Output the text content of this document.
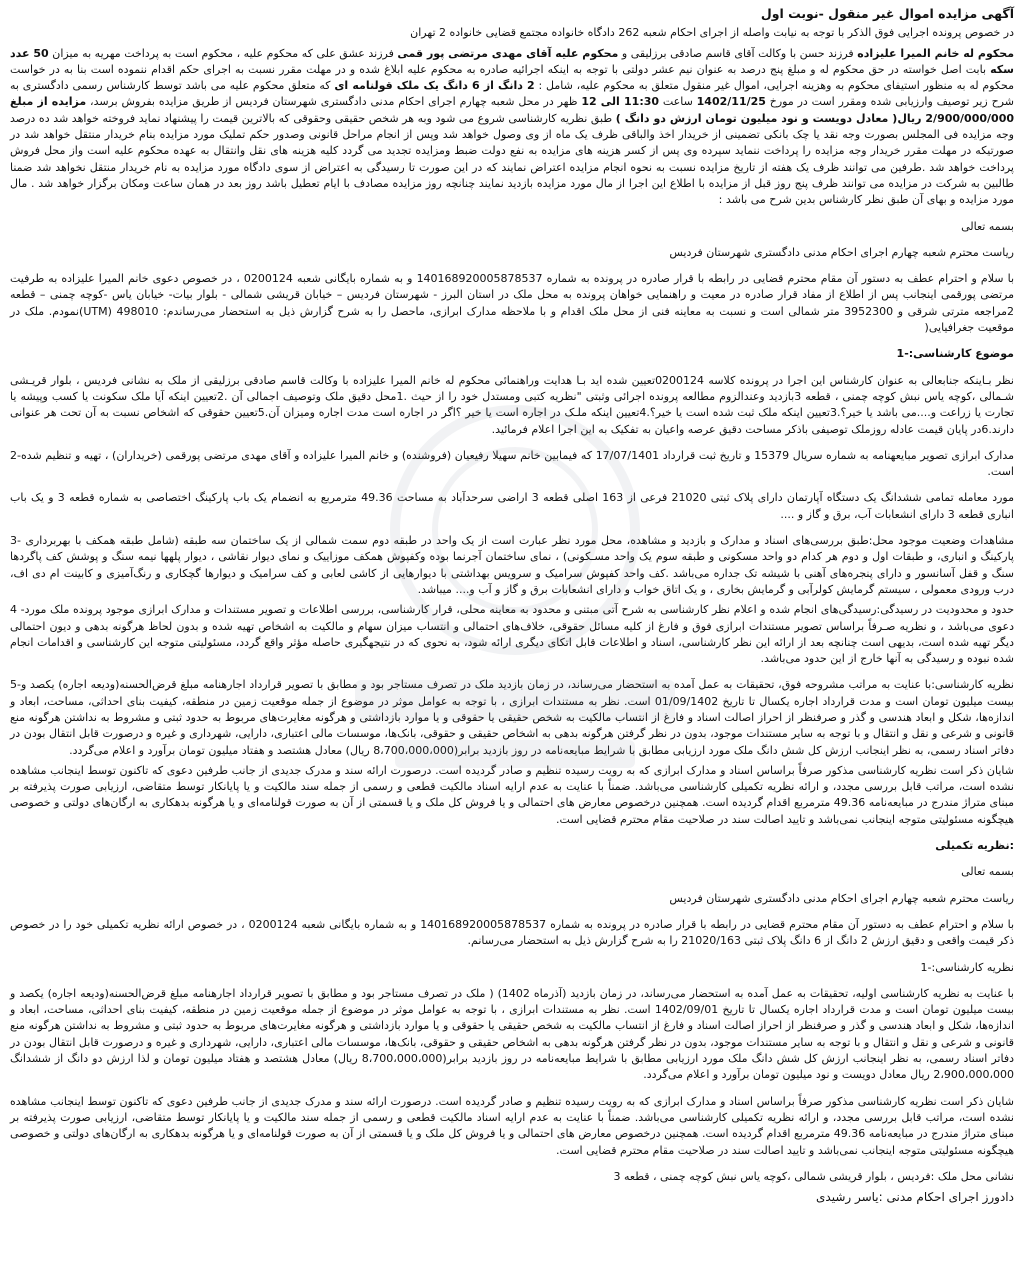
آگهی مزایده اموال غیر منقول -نوبت اول

در خصوص پرونده اجرایی فوق الذکر با توجه به نیابت واصله از اجرای احکام شعبه 262 دادگاه خانواده مجتمع قضایی خانواده 2 تهران

محکوم له خانم المیرا علیزاده فرزند حسن با وکالت آقای قاسم صادقی برزلیقی و محکوم علیه آقای مهدی مرتضی پور قمی فرزند عشق علی که محکوم علیه ، محکوم است به پرداخت مهریه به میزان 50 عدد سکه بابت اصل خواسته در حق محکوم له و مبلغ پنج درصد به عنوان نیم عشر دولتی با توجه به اینکه اجرائیه صادره به محکوم علیه ابلاغ شده و در مهلت مقرر نسبت به اجرای حکم اقدام ننموده است بنا به در خواست محکوم له به منظور استیفای محکوم به وهزینه اجرایی، اموال غیر منقول متعلق به محکوم علیه، شامل : 2 دانگ از 6 دانگ یک ملک قولنامه ای که متعلق محکوم علیه می باشد توسط کارشناس رسمی دادگستری به شرح زیر توصیف وارزیابی شده ومقرر است در مورخ 1402/11/25 ساعت 11:30 الی 12 ظهر در محل شعبه چهارم اجرای احکام مدنی دادگستری شهرستان فردیس از طریق مزایده بفروش برسد، مزایده از مبلغ 2/900/000/000 ریال( معادل دویست و نود میلیون تومان ارزش دو دانگ ) طبق نظریه کارشناسی شروع می شود وبه هر شخص حقیقی وحقوقی که بالاترین قیمت را پیشنهاد نماید فروخته خواهد شد ده درصد وجه مزایده فی المجلس بصورت وجه نقد یا چک بانکی تضمینی از خریدار اخذ والباقی ظرف یک ماه از وی وصول خواهد شد وپس از انجام مراحل قانونی وصدور حکم تملیک مورد مزایده بنام خریدار منتقل خواهد شد در صورتیکه در مهلت مقرر خریدار وجه مزایده را پرداخت ننماید سپرده وی پس از کسر هزینه های مزایده به نفع دولت ضبط ومزایده تجدید می گردد کلیه هزینه های نقل وانتقال به عهده محکوم علیه است واز محل فروش پرداخت خواهد شد .طرفین می توانند ظرف یک هفته از تاریخ مزایده نسبت به نحوه انجام مزایده اعتراض نمایند که در این صورت تا رسیدگی به اعتراض از سوی دادگاه مورد مزایده به نام خریدار منتقل نخواهد شد ضمنا طالبین به شرکت در مزایده می توانند ظرف پنج روز قبل از مزایده با اطلاع این اجرا از مال مورد مزایده بازدید نمایند چنانچه روز مزایده مصادف با ایام تعطیل باشد روز بعد در همان ساعت ومکان برگزار خواهد شد . مال مورد مزایده و بهای آن طبق نظر کارشناس بدین شرح می باشد :

بسمه تعالی

ریاست محترم شعبه چهارم اجرای احکام مدنی دادگستری شهرستان فردیس

با سلام و احترام عطف به دستور آن مقام محترم قضایی در رابطه با قرار صادره در پرونده به شماره 140168920005878537 و به شماره بایگانی شعبه 0200124 ، در خصوص دعوی خانم المیرا علیزاده به طرفیت مرتضی پورقمی اینجانب پس از اطلاع از مفاد قرار صادره در معیت و راهنمایی خواهان پرونده به محل ملک در استان البرز - شهرستان فردیس – خیابان قریشی شمالی - بلوار بیات- خیابان یاس -کوچه چمنی – قطعه 2مراجعه مترتی شرقی و 3952300 متر شمالی است و نسبت به معاینه فنی از محل ملک اقدام و با ملاحظه مدارک ابرازی، ماحصل را به شرح گزارش ذیل به استحضار می‌رساندم: 498010 (UTM)نمودم. ملک در موقعیت جغرافیایی(

موضوع کارشناسی:-1

نظر بـاینکه جنابعالی به عنوان کارشناس این اجرا در پرونده کلاسه 0200124تعیین شده اید بـا هدایت وراهنمائی محکوم له خانم المیرا علیزاده با وکالت قاسم صادقی برزلیقی از ملک به نشانی فردیس ، بلوار قریـشی شـمالی ،کوچه یاس نبش کوچه چمنی ، قطعه 3بازدید وعندالزوم مطالعه پرونده اجرائی وثبتی "نظریه کتبی ومستدل خود را از حیث .1محل دقیق ملک وتوصیف اجمالی آن .2تعیین اینکه آیا ملک سکونت یا کسب وپیشه یا تجارت یا زراعت و....می باشد یا خیر؟.3تعیین اینکه ملک ثبت شده است یا خیر؟.4تعیین اینکه ملـک در اجاره است یا خیر ؟اگر در اجاره است مدت اجاره ومیزان آن.5تعیین حقوقی که اشخاص نسبت به آن تحت هر عنوانی دارند.6در پایان قیمت عادله روزملک توصیفی باذکر مساحت دقیق عرصه واعیان به تفکیک به این اجرا اعلام فرمائید.

مدارک ابرازی تصویر مبایعهنامه به شماره سریال 15379 و تاریخ ثبت قرارداد 17/07/1401 که فیمابین خانم سهیلا رفیعیان (فروشنده) و خانم المیرا علیزاده و آقای مهدی مرتضی پورقمی (خریداران) ، تهیه و تنظیم شده-2 است.

مورد معامله تمامی ششدانگ یک دستگاه آپارتمان دارای پلاک ثبتی 21020 فرعی از 163 اصلی قطعه 3 اراضی سرحدآباد به مساحت 49.36 مترمربع به انضمام یک باب پارکینگ اختصاصی به شماره قطعه 3 و یک باب انباری قطعه 3 دارای انشعابات آب، برق و گاز و ....

مشاهدات وضعیت موجود محل:طبق بررسی‌های اسناد و مدارک و بازدید و مشاهده، محل مورد نظر عبارت است از یک واحد در طبقه دوم سمت شمالی از یک ساختمان سه طبقه (شامل طبقه همکف با بهربرداری -3 پارکینگ و انباری، و طبقات اول و دوم هر کدام دو واحد مسکونی و طبقه سوم یک واحد مسـکونی) ، نمای ساختمان آجرنما بوده وکفپوش همکف موزاییک و نمای دیوار نقاشی ، دیوار پلهها نیمه سنگ و پوشش کف پاگردها سنگ و قفل آسانسور و دارای پنجره‌های آهنی با شیشه تک جداره می‌باشد .کف واحد کفپوش سرامیک و سرویس بهداشتی با دیوارهایی از کاشی لعابی و کف سرامیک و دیوارها گچکاری و رنگ‌آمیزی و کابینت ام دی اف، درب ورودی معمولی ، سیستم گرمایش کولرآبی و گرمایش بخاری ، و یک اتاق خواب و دارای انشعابات برق و گاز و آب و.... میباشد.

حدود و محدودیت در رسیدگی:رسیدگی‌های انجام شده و اعلام نظر کارشناسی به شرح آتی مبتنی و محدود به معاینه محلی، قرار کارشناسی، بررسی اطلاعات و تصویر مستندات و مدارک ابرازی موجود پرونده ملک مورد- 4 دعوی می‌باشد ، و نظریه صـرفاً براساس تصویر مستندات ابرازی فوق و فارغ از کلیه مسائل حقوقی، خلاف‌های احتمالی و انتساب میزان سهام و مالکیت به اشخاص تهیه شده و بدون لحاظ هرگونه بدهی و دیون احتمالی دیگر تهیه شده است، بدیهی است چنانچه بعد از ارائه این نظر کارشناسی، اسناد و اطلاعات قابل اتکای دیگری ارائه شود، به نحوی که در نتیجهگیری حاصله مؤثر واقع گردد، مسئولیتی متوجه این کارشناسی و اقدامات انجام شده نبوده و رسیدگی به آنها خارج از این حدود می‌باشد.

نظریه کارشناسی:با عنایت به مراتب مشروحه فوق، تحقیقات به عمل آمده به استحضار می‌رساند، در زمان بازدید ملک در تصرف مستاجر بود و مطابق با تصویر قرارداد اجارهنامه مبلغ قرض‌الحسنه(ودیعه اجاره) یکصد و-5 بیست میلیون تومان است و مدت قرارداد اجاره یکسال تا تاریخ 01/09/1402 است. نظر به مستندات ابرازی ، با توجه به عوامل موثر در موضوع از جمله موقعیت زمین در منطقه، کیفیت بنای احداثی، مساحت، ابعاد و اندازه‌ها، شکل و ابعاد هندسی و گذر و صرفنظر از احراز اصالت اسناد و فارغ از انتساب مالکیت به شخص حقیقی یا حقوقی و یا موارد بازداشتی و هرگونه مغایرت‌های مربوط به حدود ثبتی و مشروط به نداشتن هرگونه منع قانونی و شرعی و نقل و انتقال و با توجه به سایر مستندات موجود، بدون در نظر گرفتن هرگونه بدهی به اشخاص حقیقی و حقوقی، بانک‌ها، موسسات مالی اعتباری، دارایی، شهرداری و غیره و درصورت قابل انتقال بودن در دفاتر اسناد رسمی، به نظر اینجانب ارزش کل شش دانگ ملک مورد ارزیابی مطابق با شرایط مبایعه‌نامه در روز بازدید برابر(8،700،000،000 ریال) معادل هشتصد و هفتاد میلیون تومان برآورد و اعلام می‌گردد.

شایان ذکر است نظریه کارشناسی مذکور صرفاً براساس اسناد و مدارک ابرازی که به رویت رسیده تنظیم و صادر گردیده است. درصورت ارائه سند و مدرک جدیدی از جانب طرفین دعوی که تاکنون توسط اینجانب مشاهده نشده است، مراتب قابل بررسی مجدد، و ارائه نظریه تکمیلی کارشناسی می‌باشد. ضمناً با عنایت به عدم ارایه اسناد مالکیت قطعی و رسمی از جمله سند مالکیت و یا پایانکار توسط متقاضی، ارزیابی صورت پذیرفته بر مبنای متراژ مندرج در مبایعه‌نامه 49.36 مترمربع اقدام گردیده است. همچنین درخصوص معارض های احتمالی و یا فروش کل ملک و یا قسمتی از آن به صورت قولنامه‌ای و یا هرگونه بدهکاری به ارگان‌های دولتی و خصوصی هیچگونه مسئولیتی متوجه اینجانب نمی‌باشد و تایید اصالت سند در صلاحیت مقام محترم قضایی است.

:نظریه تکمیلی

بسمه تعالی

ریاست محترم شعبه چهارم اجرای احکام مدنی دادگستری شهرستان فردیس

با سلام و احترام عطف به دستور آن مقام محترم قضایی در رابطه با قرار صادره در پرونده به شماره 140168920005878537 و به شماره بایگانی شعبه 0200124 ، در خصوص ارائه نظریه تکمیلی خود را در خصوص ذکر قیمت واقعی و دقیق ارزش 2 دانگ از 6 دانگ پلاک ثبتی 21020/163 را به شرح گزارش ذیل به استحضار می‌رسانم.

نظریه کارشناسی:-1

با عنایت به نظریه کارشناسی اولیه، تحقیقات به عمل آمده به استحضار می‌رساند، در زمان بازدید (آذرماه 1402) ( ملک در تصرف مستاجر بود و مطابق با تصویر قرارداد اجارهنامه مبلغ قرض‌الحسنه(ودیعه اجاره) یکصد و بیست میلیون تومان است و مدت قرارداد اجاره یکسال تا تاریخ 1402/09/01 است. نظر به مستندات ابرازی ، با توجه به عوامل موثر در موضوع از جمله موقعیت زمین در منطقه، کیفیت بنای احداثی، مساحت، ابعاد و اندازه‌ها، شکل و ابعاد هندسی و گذر و صرفنظر از احراز اصالت اسناد و فارغ از انتساب مالکیت به شخص حقیقی یا حقوقی و یا موارد بازداشتی و هرگونه مغایرت‌های مربوط به حدود ثبتی و مشروط به نداشتن هرگونه منع قانونی و شرعی و نقل و انتقال و با توجه به سایر مستندات موجود، بدون در نظر گرفتن هرگونه بدهی به اشخاص حقیقی و حقوقی، بانک‌ها، موسسات مالی اعتباری، دارایی، شهرداری و غیره و درصورت قابل انتقال بودن در دفاتر اسناد رسمی، به نظر اینجانب ارزش کل شش دانگ ملک مورد ارزیابی مطابق با شرایط مبایعه‌نامه در روز بازدید برابر(8،700،000،000 ریال) معادل هشتصد و هفتاد میلیون تومان و لذا ارزش دو دانگ از ششدانگ 2،900،000،000 ریال معادل دویست و نود میلیون تومان برآورد و اعلام می‌گردد.

شایان ذکر است نظریه کارشناسی مذکور صرفاً براساس اسناد و مدارک ابرازی که به رویت رسیده تنظیم و صادر گردیده است. درصورت ارائه سند و مدرک جدیدی از جانب طرفین دعوی که تاکنون توسط اینجانب مشاهده نشده است، مراتب قابل بررسی مجدد، و ارائه نظریه تکمیلی کارشناسی می‌باشد. ضمناً با عنایت به عدم ارایه اسناد مالکیت قطعی و رسمی از جمله سند مالکیت و یا پایانکار توسط متقاضی، ارزیابی صورت پذیرفته بر مبنای متراژ مندرج در مبایعه‌نامه 49.36 مترمربع اقدام گردیده است. همچنین درخصوص معارض های احتمالی و یا فروش کل ملک و یا قسمتی از آن به صورت قولنامه‌ای و یا هرگونه بدهکاری به ارگان‌های دولتی و خصوصی هیچگونه مسئولیتی متوجه اینجانب نمی‌باشد و تایید اصالت سند در صلاحیت مقام محترم قضایی است.

نشانی محل ملک :فردیس ، بلوار قریشی شمالی ،کوچه یاس نبش کوچه چمنی ، قطعه 3

دادورز اجرای احکام مدنی :یاسر رشیدی
